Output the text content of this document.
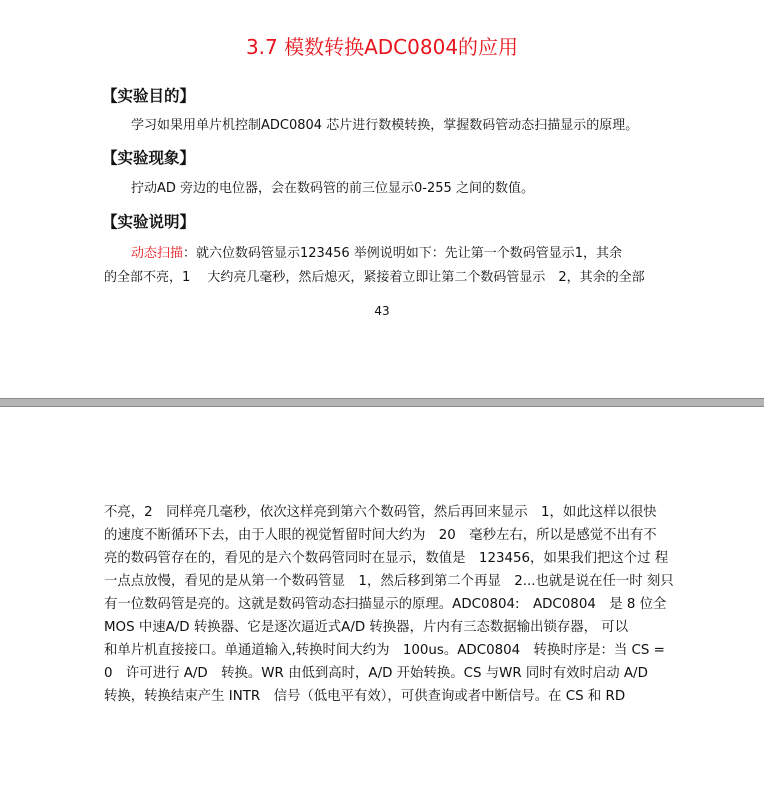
3.7 模数转换ADC0804的应用
【实验目的】
学习如果用单片机控制ADC0804 芯片进行数模转换，掌握数码管动态扫描显示的原理。
【实验现象】
拧动AD 旁边的电位器，会在数码管的前三位显示0-255 之间的数值。
【实验说明】
动态扫描：就六位数码管显示123456 举例说明如下：先让第一个数码管显示1，其余
的全部不亮，1　 大约亮几毫秒，然后熄灭，紧接着立即让第二个数码管显示　2，其余的全部
43
不亮，2　同样亮几毫秒，依次这样亮到第六个数码管，然后再回来显示　1，如此这样以很快
的速度不断循环下去，由于人眼的视觉暂留时间大约为　20　毫秒左右，所以是感觉不出有不
亮的数码管存在的，看见的是六个数码管同时在显示，数值是　123456，如果我们把这个过 程
一点点放慢，看见的是从第一个数码管显　1，然后移到第二个再显　2...也就是说在任一时 刻只
有一位数码管是亮的。这就是数码管动态扫描显示的原理。ADC0804:　ADC0804　是 8 位全
MOS 中速A/D 转换器、它是逐次逼近式A/D 转换器，片内有三态数据输出锁存器， 可以
和单片机直接接口。单通道输入,转换时间大约为　100us。ADC0804　转换时序是：当 CS =
0　许可进行 A/D　转换。WR 由低到高时，A/D 开始转换。CS 与WR 同时有效时启动 A/D
转换，转换结束产生 INTR　信号（低电平有效），可供查询或者中断信号。在 CS 和 RD
